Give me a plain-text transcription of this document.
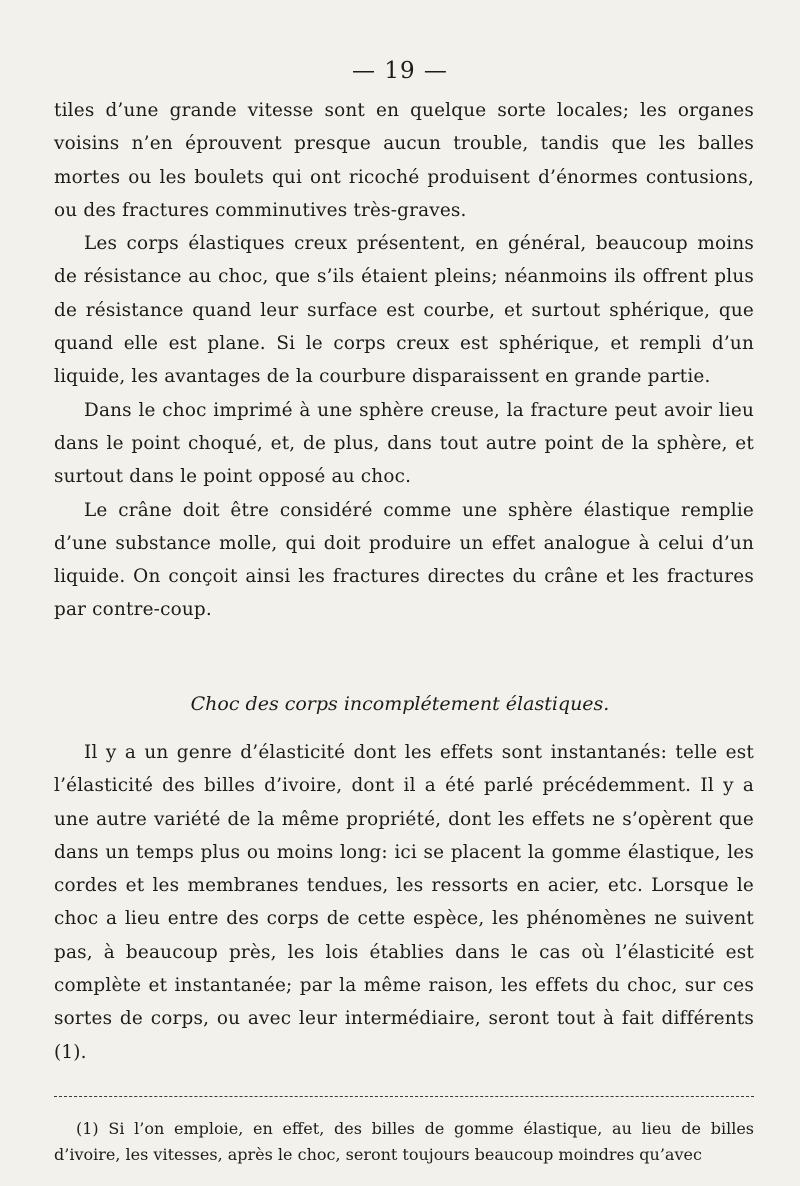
— 19 —

tiles d’une grande vitesse sont en quelque sorte locales; les organes voisins n’en éprouvent presque aucun trouble, tandis que les balles mortes ou les boulets qui ont ricoché produisent d’énormes contusions, ou des fractures comminutives très-graves.

Les corps élastiques creux présentent, en général, beaucoup moins de résistance au choc, que s’ils étaient pleins; néanmoins ils offrent plus de résistance quand leur surface est courbe, et surtout sphérique, que quand elle est plane. Si le corps creux est sphérique, et rempli d’un liquide, les avantages de la courbure disparaissent en grande partie.

Dans le choc imprimé à une sphère creuse, la fracture peut avoir lieu dans le point choqué, et, de plus, dans tout autre point de la sphère, et surtout dans le point opposé au choc.

Le crâne doit être considéré comme une sphère élastique remplie d’une substance molle, qui doit produire un effet analogue à celui d’un liquide. On conçoit ainsi les fractures directes du crâne et les fractures par contre-coup.

Choc des corps incomplétement élastiques.

Il y a un genre d’élasticité dont les effets sont instantanés: telle est l’élasticité des billes d’ivoire, dont il a été parlé précédemment. Il y a une autre variété de la même propriété, dont les effets ne s’opèrent que dans un temps plus ou moins long: ici se placent la gomme élastique, les cordes et les membranes tendues, les ressorts en acier, etc. Lorsque le choc a lieu entre des corps de cette espèce, les phénomènes ne suivent pas, à beaucoup près, les lois établies dans le cas où l’élasticité est complète et instantanée; par la même raison, les effets du choc, sur ces sortes de corps, ou avec leur intermédiaire, seront tout à fait différents (1).

(1) Si l’on emploie, en effet, des billes de gomme élastique, au lieu de billes d’ivoire, les vitesses, après le choc, seront toujours beaucoup moindres qu’avec
